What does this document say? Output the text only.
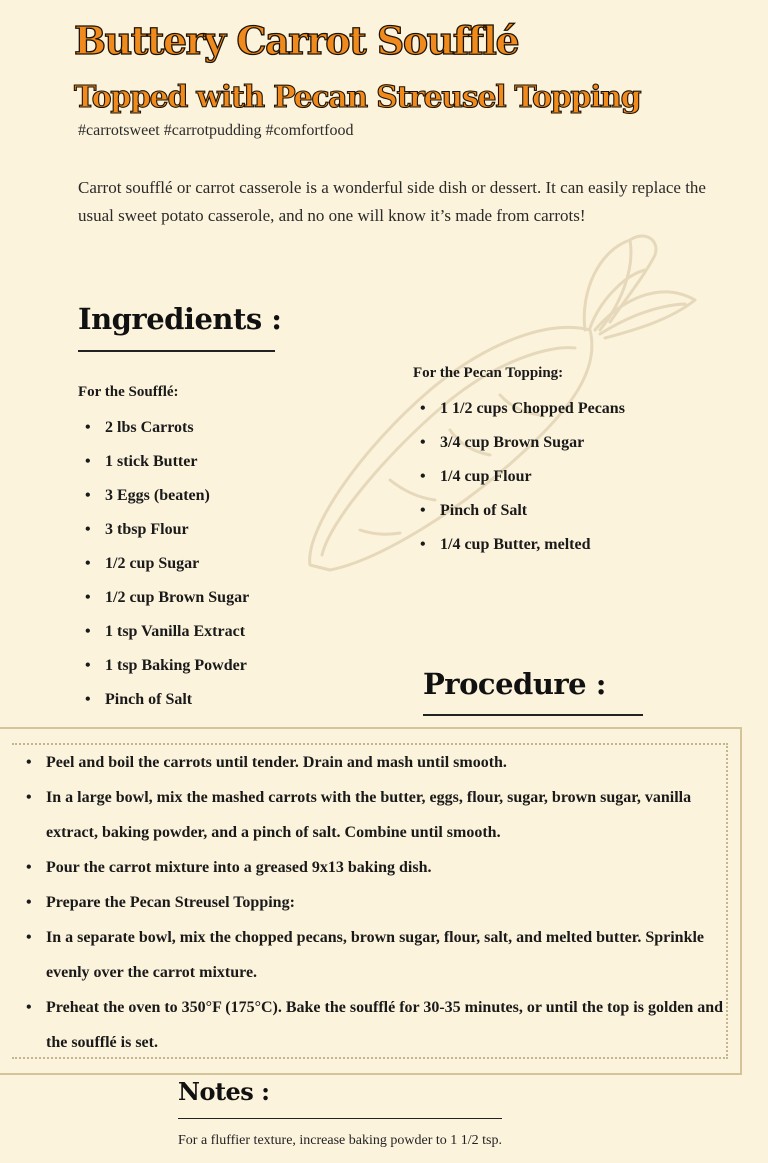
Buttery Carrot Soufflé
Topped with Pecan Streusel Topping
#carrotsweet #carrotpudding #comfortfood

Carrot soufflé or carrot casserole is a wonderful side dish or dessert. It can easily replace the usual sweet potato casserole, and no one will know it’s made from carrots!

Ingredients :
For the Soufflé:
• 2 lbs Carrots
• 1 stick Butter
• 3 Eggs (beaten)
• 3 tbsp Flour
• 1/2 cup Sugar
• 1/2 cup Brown Sugar
• 1 tsp Vanilla Extract
• 1 tsp Baking Powder
• Pinch of Salt
For the Pecan Topping:
• 1 1/2 cups Chopped Pecans
• 3/4 cup Brown Sugar
• 1/4 cup Flour
• Pinch of Salt
• 1/4 cup Butter, melted
Procedure :
• Peel and boil the carrots until tender. Drain and mash until smooth.
• In a large bowl, mix the mashed carrots with the butter, eggs, flour, sugar, brown sugar, vanilla extract, baking powder, and a pinch of salt. Combine until smooth.
• Pour the carrot mixture into a greased 9x13 baking dish.
• Prepare the Pecan Streusel Topping:
• In a separate bowl, mix the chopped pecans, brown sugar, flour, salt, and melted butter. Sprinkle evenly over the carrot mixture.
• Preheat the oven to 350°F (175°C). Bake the soufflé for 30-35 minutes, or until the top is golden and the soufflé is set.
Notes :
For a fluffier texture, increase baking powder to 1 1/2 tsp.
